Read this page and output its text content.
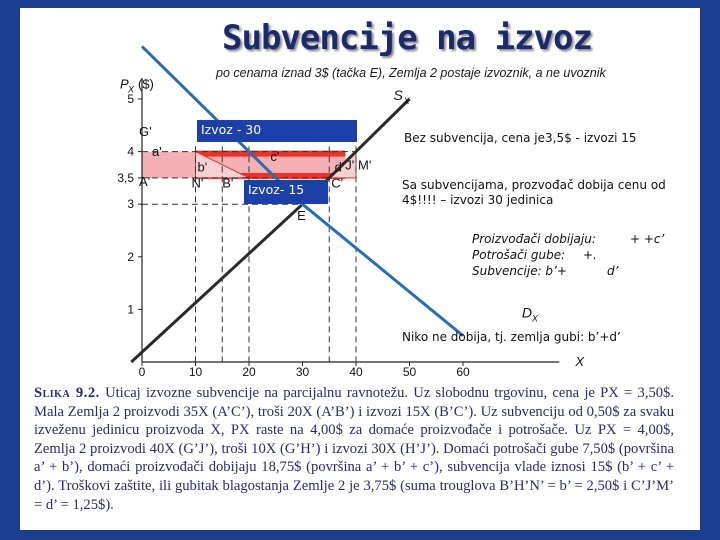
1
2
3
3,5
4
5
0	10	20	30	40	50	60
P X ($)
X
S X
D X
G'
A'
a'
b'
c'
d'
N' B'	C'
M'
J'
E
Subvencije na izvoz
po cenama iznad 3$ (tačka E), Zemlja 2 postaje izvoznik, a ne uvoznik
Izvoz - 30
Izvoz- 15
Bez subvencija, cena je3,5$ - izvozi 15
Sa subvencijama, prozvođač dobija cenu od 4$!!!! – izvozi 30 jedinica
Proizvođači dobijaju:	+ +c’
Potrošači gube: +.
Subvencije: b’+	d’
Niko ne dobija, tj. zemlja gubi: b’+d’
Slika 9.2. Uticaj izvozne subvencije na parcijalnu ravnotežu. Uz slobodnu trgovinu, cena je PX = 3,50$. Mala Zemlja 2 proizvodi 35X (A’C’), troši 20X (A’B’) i izvozi 15X (B’C’). Uz subvenciju od 0,50$ za svaku izveženu jedinicu proizvoda X, PX raste na 4,00$ za domaće proizvođače i potrošače. Uz PX = 4,00$, Zemlja 2 proizvodi 40X (G’J’), troši 10X (G’H’) i izvozi 30X (H’J’). Domaći potrošači gube 7,50$ (površina a’ + b’), domaći proizvođači dobijaju 18,75$ (površina a’ + b’ + c’), subvencija vlade iznosi 15$ (b’ + c’ + d’). Troškovi zaštite, ili gubitak blagostanja Zemlje 2 je 3,75$ (suma trouglova B’H’N’ = b’ = 2,50$ i C’J’M’ = d’ = 1,25$).
